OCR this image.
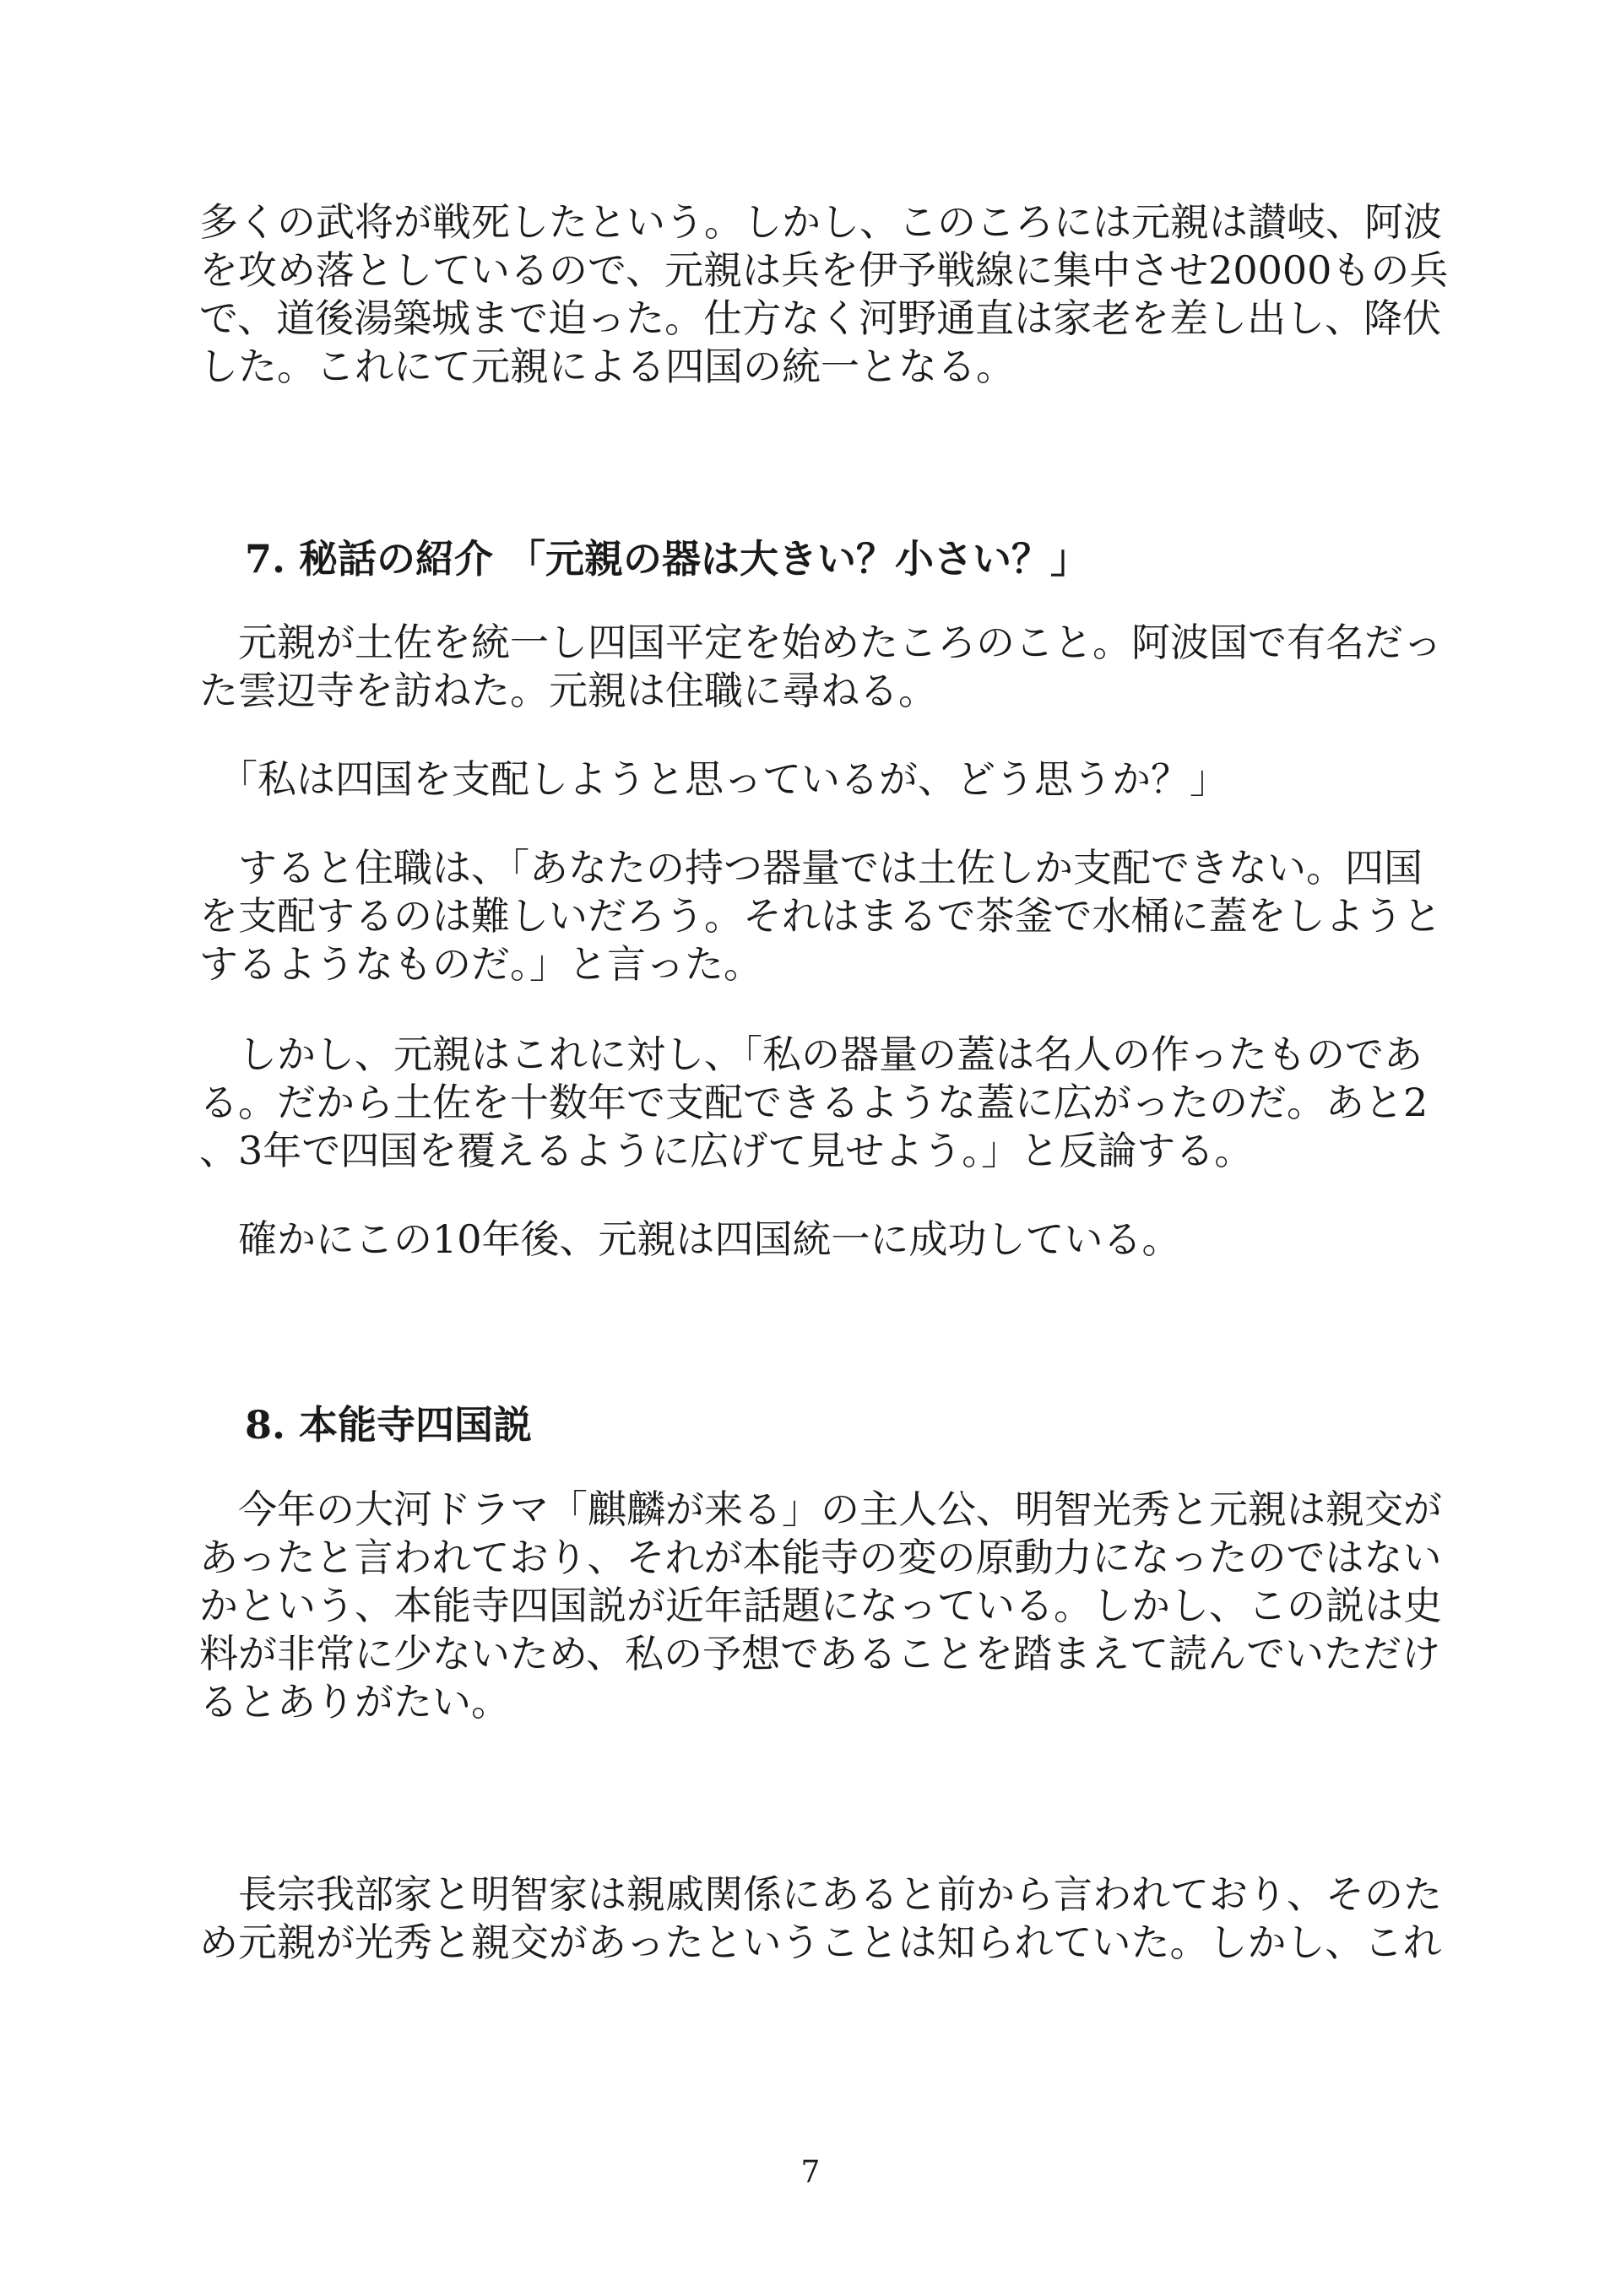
多くの武将が戦死したという。しかし、このころには元親は讃岐、阿波
を攻め落としているので、元親は兵を伊予戦線に集中させ20000もの兵
で、道後湯築城まで迫った。仕方なく河野通直は家老を差し出し、降伏
した。これにて元親による四国の統一となる。
7. 秘話の紹介 「元親の器は大きい？小さい？」
　元親が土佐を統一し四国平定を始めたころのこと。阿波国で有名だっ
た雲辺寺を訪ねた。元親は住職に尋ねる。
　「私は四国を支配しようと思っているが、どう思うか？」
　すると住職は、「あなたの持つ器量では土佐しか支配できない。四国
を支配するのは難しいだろう。それはまるで茶釜で水桶に蓋をしようと
するようなものだ。」と言った。
　しかし、元親はこれに対し、「私の器量の蓋は名人の作ったものであ
る。だから土佐を十数年で支配できるような蓋に広がったのだ。あと2
、3年で四国を覆えるように広げて見せよう。」と反論する。
　確かにこの10年後、元親は四国統一に成功している。
8. 本能寺四国説
　今年の大河ドラマ「麒麟が来る」の主人公、明智光秀と元親は親交が
あったと言われており、それが本能寺の変の原動力になったのではない
かという、本能寺四国説が近年話題になっている。しかし、この説は史
料が非常に少ないため、私の予想であることを踏まえて読んでいただけ
るとありがたい。
　長宗我部家と明智家は親戚関係にあると前から言われており、そのた
め元親が光秀と親交があったということは知られていた。しかし、これ
7
